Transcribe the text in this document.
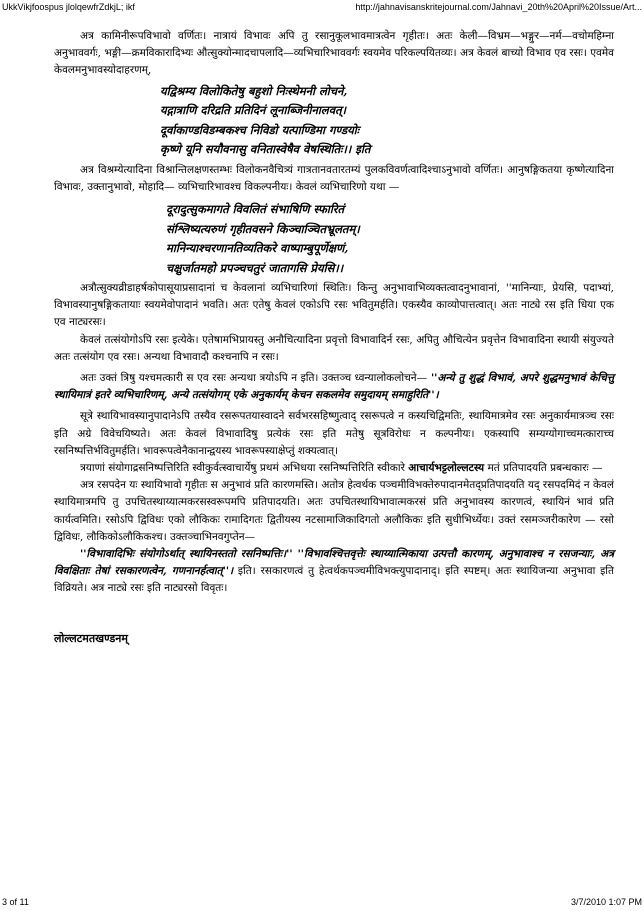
UkkVikjfoospus jlolqewfrZdkjL; ikf	http://jahnavisanskritejournal.com/Jahnavi_20th%20April%20Issue/Art...

अत्र कामिनीरूपविभावो वर्णितः। नात्रायं विभावः अपि तु रसानुकूलभावमात्रत्वेन गृहीतः। अतः केली—विभ्रम—भङ्गुर—नर्म—वचोमहिम्ना अनुभाववर्गः, भङ्गी—क्रमविकारादिभ्यः औत्सुक्योन्मादचापलादि—व्यभिचारिभाववर्गः स्वयमेव परिकल्पयितव्यः। अत्र केवलं बाच्यो विभाव एव रसः। एवमेव केवलमनुभावस्योदाहरणम्,

यद्विश्रम्य विलोकितेषु बहुशो निःस्थेमनी लोचने,

यद्गात्राणि दरिद्रति प्रतिदिनं लूनाब्जिनीनालवत्।

दूर्वाकाण्डविडम्बकश्च निविडो यत्पाण्डिमा गण्डयोः

कृष्णे यूनि सयौवनासु वनितास्वेषैव वेषस्थितिः।। इति

अत्र विश्रम्येत्यादिना विश्रान्तिलक्षणस्तम्भः विलोकनवैचित्र्यं गात्रतानवतारतम्यं पुलकविवर्णत्वादिश्चाऽनुभावो वर्णितः। आनुषङ्गिकतया कृष्णेत्यादिना विभावः, उक्तानुभावो, मोहादि— व्यभिचारिभावश्च विकल्पनीयः। केवलं व्यभिचारिणो यथा —

दूरादुत्सुकमागते विवलितं संभाषिणि स्फारितं

संश्लिष्यत्यरुणं गृहीतवसने किञ्चाञ्चितभ्रूलतम्।

मानिन्याश्चरणानतिव्यतिकरे वाष्पाम्बुपूर्णेक्षणं,

चक्षुर्जातमहो प्रपञ्चचतुरं जातागसि प्रेयसि।।

अत्रौत्सुक्यव्रीडाहर्षकोपासूयाप्रसादानां च केवलानां व्यभिचारिणां स्थितिः। किन्तु अनुभावाभिव्यक्तत्वादनुभावानां, ''मानिन्याः, प्रेयसि, पदाभ्यां, विभावस्यानुषङ्गिकतायाः स्वयमेवोपादानं भवति। अतः एतेषु केवलं एकोऽपि रसः भवितुमर्हति। एकस्यैव काव्योपात्तत्वात्। अतः नाट्ये रस इति धिया एक एव नाट्यरसः।

केवलं तत्संयोगोऽपि रसः इत्येके। एतेषामभिप्रायस्तु अनौचित्यादिना प्रवृत्तो विभावादिर्न रसः, अपितु औचित्येन प्रवृत्तेन विभावादिना स्थायी संयुज्यते अतः तत्संयोग एव रसः। अन्यथा विभावादौ कश्चनापि न रसः।

अतः उक्तं त्रिषु यश्चमत्कारी स एव रसः अन्यथा त्रयोऽपि न इति। उक्तञ्च ध्वन्यालोकलोचने— ''अन्ये तु शुद्धं विभावं, अपरे शुद्धमनुभावं केचित्तु स्थायिमात्रं इतरे व्यभिचारिणम्, अन्ये तत्संयोगम् एके अनुकार्यम् केचन सकलमेव समुदायम् समाहुरिति''।

सूत्रे स्थायिभावस्यानुपादानेऽपि तस्यैव रसरूपतयास्वादने सर्वभरसहिष्णुत्वाद् रसरूपत्वे न कस्यचिद्विमतिः, स्थायिमात्रमेव रसः अनुकार्यमात्रञ्च रसः इति अग्रे विवेचयिष्यते। अतः केवलं विभावादिषु प्रत्येकं रसः इति मतेषु सूत्रविरोधः न कल्पनीयः। एकस्यापि सम्यग्योगाच्चमत्काराच्च रसनिष्पत्तिर्भवितुमर्हति। भावरूपत्वेनैकानान्द्वयस्य भावरूपस्याक्षेप्तुं शक्यत्वात्।

त्रयाणां संयोगाद्रसनिष्पत्तिरिति स्वीकुर्वत्स्वाचार्येषु प्रथमं अभिधया रसनिष्पत्तिरिति स्वीकारे आचार्यभट्टलोल्लटस्य मतं प्रतिपादयति प्रबन्धकारः —

अत्र रसपदेन यः स्थायिभावो गृहीतः स अनुभावं प्रति कारणमस्ति। अतोत्र हेत्वर्थक पञ्चमीविभक्तेरुपादानमेतद्प्रतिपादयति यद् रसपदमिदं न केवलं स्थायिमात्रमपि तु उपचितस्थाय्यात्मकरसस्वरूपमपि प्रतिपादयति। अतः उपचितस्थायिभावात्मकरसं प्रति अनुभावस्य कारणत्वं, स्थायिनं भावं प्रति कार्यत्वमिति। रसोऽपि द्विविधः एको लौकिकः रामादिगतः द्वितीयस्य नटसामाजिकादिगतो अलौकिकः इति सुधीभिर्ध्येयः। उक्तं रसमञ्जरीकारेण — रसो द्विविधः, लौकिकोऽलौकिकश्च। उक्तञ्चाभिनवगुप्तेन—

''विभावादिभिः संयोगोऽर्थात् स्थायिनस्ततो रसनिष्पत्तिः।'' ''विभावश्चित्तवृत्तेः स्थाय्यात्मिकाया उत्पत्तौ कारणम्, अनुभावाश्च न रसजन्याः, अत्र विवक्षिताः तेषां रसकारणत्वेन, गणनानर्हत्वात्''। इति। रसकारणत्वं तु हेत्वर्थकपञ्चमीविभक्त्युपादानाद्। इति स्पष्टम्। अतः स्थायिजन्या अनुभावा इति विव्रियते। अत्र नाट्ये रसः इति नाट्यरसो विवृतः।

लोल्लटमतखण्डनम्

3 of 11	3/7/2010 1:07 PM
